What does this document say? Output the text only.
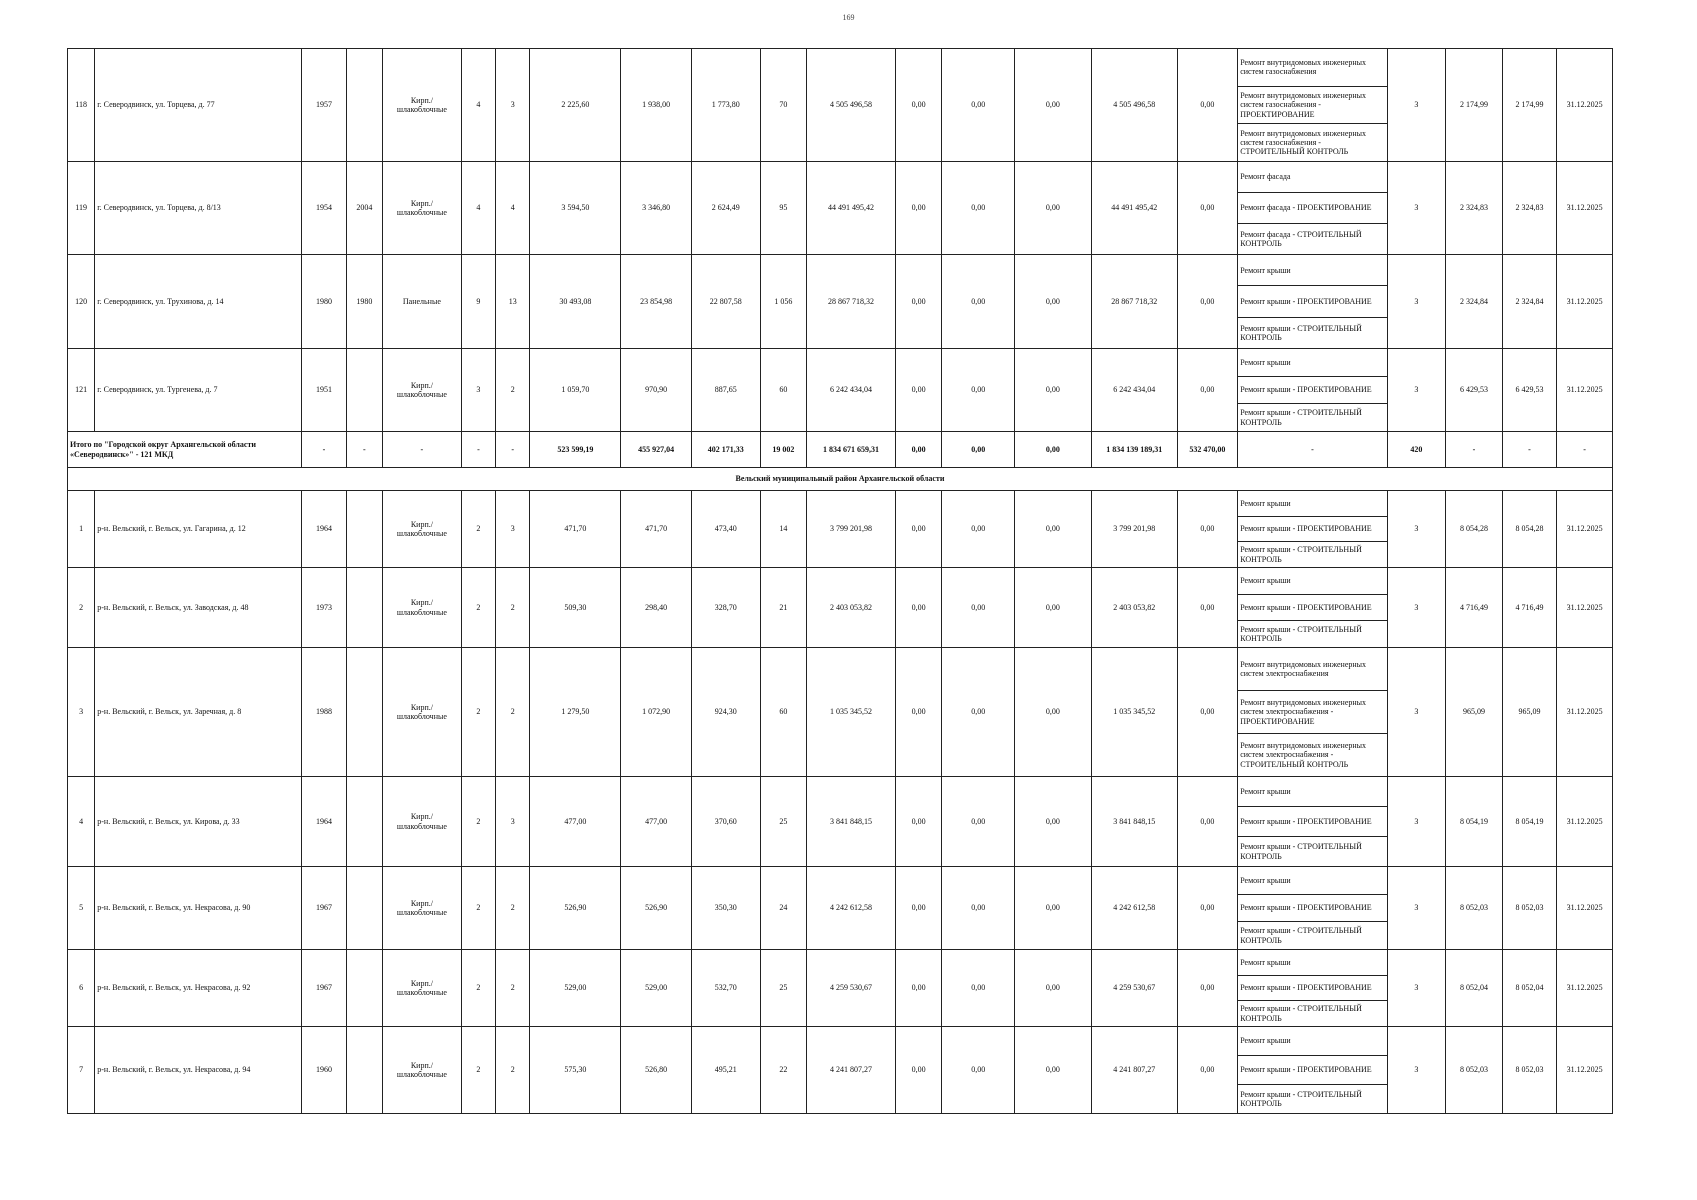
169
118	г. Северодвинск, ул. Торцева, д. 77	1957		Кирп./ шлакоблочные	4	3	2 225,60	1 938,00	1 773,80	70	4 505 496,58	0,00	0,00	0,00	4 505 496,58	0,00	Ремонт внутридомовых инженерных систем газоснабжения
Ремонт внутридомовых инженерных систем газоснабжения - ПРОЕКТИРОВАНИЕ
Ремонт внутридомовых инженерных систем газоснабжения - СТРОИТЕЛЬНЫЙ КОНТРОЛЬ	3	2 174,99	2 174,99	31.12.2025
119	г. Северодвинск, ул. Торцева, д. 8/13	1954	2004	Кирп./ шлакоблочные	4	4	3 594,50	3 346,80	2 624,49	95	44 491 495,42	0,00	0,00	0,00	44 491 495,42	0,00	Ремонт фасада
Ремонт фасада - ПРОЕКТИРОВАНИЕ
Ремонт фасада - СТРОИТЕЛЬНЫЙ КОНТРОЛЬ	3	2 324,83	2 324,83	31.12.2025
120	г. Северодвинск, ул. Трухинова, д. 14	1980	1980	Панельные	9	13	30 493,08	23 854,98	22 807,58	1 056	28 867 718,32	0,00	0,00	0,00	28 867 718,32	0,00	Ремонт крыши
Ремонт крыши - ПРОЕКТИРОВАНИЕ
Ремонт крыши - СТРОИТЕЛЬНЫЙ КОНТРОЛЬ	3	2 324,84	2 324,84	31.12.2025
121	г. Северодвинск, ул. Тургенева, д. 7	1951		Кирп./ шлакоблочные	3	2	1 059,70	970,90	887,65	60	6 242 434,04	0,00	0,00	0,00	6 242 434,04	0,00	Ремонт крыши
Ремонт крыши - ПРОЕКТИРОВАНИЕ
Ремонт крыши - СТРОИТЕЛЬНЫЙ КОНТРОЛЬ	3	6 429,53	6 429,53	31.12.2025
Итого по "Городской округ Архангельской области «Северодвинск»" - 121 МКД		-	-	-	-	-	523 599,19	455 927,04	402 171,33	19 002	1 834 671 659,31	0,00	0,00	0,00	1 834 139 189,31	532 470,00	-	420	-	-	-
Вельский муниципальный район Архангельской области																					
1	р-н. Вельский, г. Вельск, ул. Гагарина, д. 12	1964		Кирп./ шлакоблочные	2	3	471,70	471,70	473,40	14	3 799 201,98	0,00	0,00	0,00	3 799 201,98	0,00	Ремонт крыши
Ремонт крыши - ПРОЕКТИРОВАНИЕ
Ремонт крыши - СТРОИТЕЛЬНЫЙ КОНТРОЛЬ	3	8 054,28	8 054,28	31.12.2025
2	р-н. Вельский, г. Вельск, ул. Заводская, д. 48	1973		Кирп./ шлакоблочные	2	2	509,30	298,40	328,70	21	2 403 053,82	0,00	0,00	0,00	2 403 053,82	0,00	Ремонт крыши
Ремонт крыши - ПРОЕКТИРОВАНИЕ
Ремонт крыши - СТРОИТЕЛЬНЫЙ КОНТРОЛЬ	3	4 716,49	4 716,49	31.12.2025
3	р-н. Вельский, г. Вельск, ул. Заречная, д. 8	1988		Кирп./ шлакоблочные	2	2	1 279,50	1 072,90	924,30	60	1 035 345,52	0,00	0,00	0,00	1 035 345,52	0,00	Ремонт внутридомовых инженерных систем электроснабжения
Ремонт внутридомовых инженерных систем электроснабжения - ПРОЕКТИРОВАНИЕ
Ремонт внутридомовых инженерных систем электроснабжения - СТРОИТЕЛЬНЫЙ КОНТРОЛЬ	3	965,09	965,09	31.12.2025
4	р-н. Вельский, г. Вельск, ул. Кирова, д. 33	1964		Кирп./ шлакоблочные	2	3	477,00	477,00	370,60	25	3 841 848,15	0,00	0,00	0,00	3 841 848,15	0,00	Ремонт крыши
Ремонт крыши - ПРОЕКТИРОВАНИЕ
Ремонт крыши - СТРОИТЕЛЬНЫЙ КОНТРОЛЬ	3	8 054,19	8 054,19	31.12.2025
5	р-н. Вельский, г. Вельск, ул. Некрасова, д. 90	1967		Кирп./ шлакоблочные	2	2	526,90	526,90	350,30	24	4 242 612,58	0,00	0,00	0,00	4 242 612,58	0,00	Ремонт крыши
Ремонт крыши - ПРОЕКТИРОВАНИЕ
Ремонт крыши - СТРОИТЕЛЬНЫЙ КОНТРОЛЬ	3	8 052,03	8 052,03	31.12.2025
6	р-н. Вельский, г. Вельск, ул. Некрасова, д. 92	1967		Кирп./ шлакоблочные	2	2	529,00	529,00	532,70	25	4 259 530,67	0,00	0,00	0,00	4 259 530,67	0,00	Ремонт крыши
Ремонт крыши - ПРОЕКТИРОВАНИЕ
Ремонт крыши - СТРОИТЕЛЬНЫЙ КОНТРОЛЬ	3	8 052,04	8 052,04	31.12.2025
7	р-н. Вельский, г. Вельск, ул. Некрасова, д. 94	1960		Кирп./ шлакоблочные	2	2	575,30	526,80	495,21	22	4 241 807,27	0,00	0,00	0,00	4 241 807,27	0,00	Ремонт крыши
Ремонт крыши - ПРОЕКТИРОВАНИЕ
Ремонт крыши - СТРОИТЕЛЬНЫЙ КОНТРОЛЬ	3	8 052,03	8 052,03	31.12.2025
